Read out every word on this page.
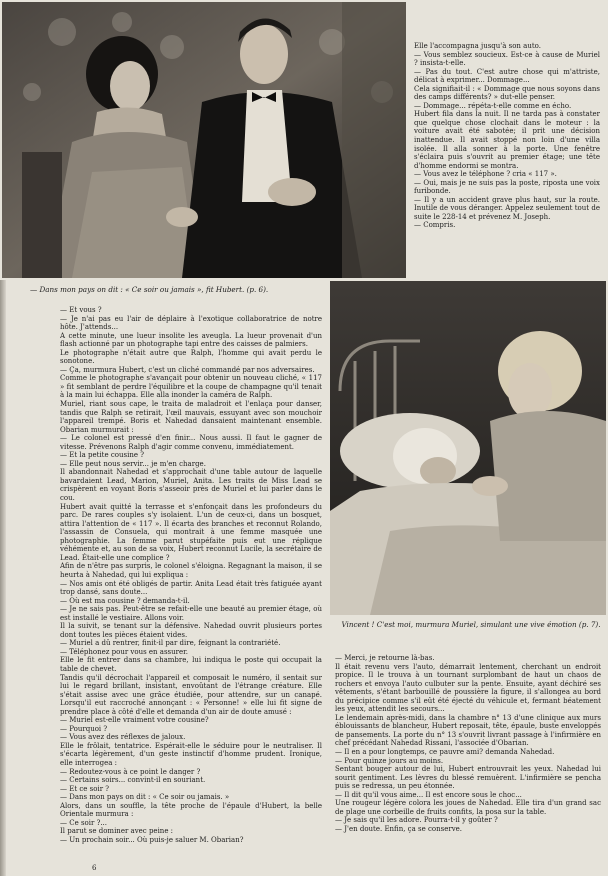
— Dans mon pays on dit : « Ce soir ou jamais », fit Hubert. (p. 6).

Elle l'accompagna jusqu'à son auto.

— Vous semblez soucieux. Est-ce à cause de Muriel ? insista-t-elle.

— Pas du tout. C'est autre chose qui m'attriste, délicat à exprimer... Dommage...

Cela signifiait-il : « Dommage que nous soyons dans des camps différents? » dut-elle penser.

— Dommage... répéta-t-elle comme en écho.

Hubert fila dans la nuit. Il ne tarda pas à constater que quelque chose clochait dans le moteur : la voiture avait été sabotée; il prit une décision inattendue. Il avait stoppé non loin d'une villa isolée. Il alla sonner à la porte. Une fenêtre s'éclaira puis s'ouvrit au premier étage; une tête d'homme endormi se montra.

— Vous avez le téléphone ? cria « 117 ».

— Oui, mais je ne suis pas la poste, riposta une voix furibonde.

— Il y a un accident grave plus haut, sur la route. Inutile de vous déranger. Appelez seulement tout de suite le 228-14 et prévenez M. Joseph.

— Compris.

Vincent ! C'est moi, murmura Muriel, simulant une vive émotion (p. 7).

— Et vous ?

— Je n'ai pas eu l'air de déplaire à l'exotique collaboratrice de notre hôte. J'attends...

A cette minute, une lueur insolite les aveugla. La lueur provenait d'un flash actionné par un photographe tapi entre des caisses de palmiers.

Le photographe n'était autre que Ralph, l'homme qui avait perdu le sonotone.

— Ça, murmura Hubert, c'est un cliché commandé par nos adversaires.

Comme le photographe s'avançait pour obtenir un nouveau cliché, « 117 » fit semblant de perdre l'équilibre et la coupe de champagne qu'il tenait à la main lui échappa. Elle alla inonder la caméra de Ralph.

Muriel, riant sous cape, le traita de maladroit et l'enlaça pour danser, tandis que Ralph se retirait, l'œil mauvais, essuyant avec son mouchoir l'appareil trempé. Boris et Nahedad dansaient maintenant ensemble. Obarian murmurait :

— Le colonel est pressé d'en finir... Nous aussi. Il faut le gagner de vitesse. Prévenons Ralph d'agir comme convenu, immédiatement.

— Et la petite cousine ?

— Elle peut nous servir... je m'en charge.

Il abandonnait Nahedad et s'approchait d'une table autour de laquelle bavardaient Lead, Marion, Muriel, Anita. Les traits de Miss Lead se crispèrent en voyant Boris s'asseoir près de Muriel et lui parler dans le cou.

Hubert avait quitté la terrasse et s'enfonçait dans les profondeurs du parc. De rares couples s'y isolaient. L'un de ceux-ci, dans un bosquet, attira l'attention de « 117 ». Il écarta des branches et reconnut Rolando, l'assassin de Consuela, qui montrait à une femme masquée une photographie. La femme parut stupéfaite puis eut une réplique véhémente et, au son de sa voix, Hubert reconnut Lucile, la secrétaire de Lead. Était-elle une complice ?

Afin de n'être pas surpris, le colonel s'éloigna. Regagnant la maison, il se heurta à Nahedad, qui lui expliqua :

— Nos amis ont été obligés de partir. Anita Lead était très fatiguée ayant trop dansé, sans doute...

— Où est ma cousine ? demanda-t-il.

— Je ne sais pas. Peut-être se refait-elle une beauté au premier étage, où est installé le vestiaire. Allons voir.

Il la suivit, se tenant sur la défensive. Nahedad ouvrit plusieurs portes dont toutes les pièces étaient vides.

— Muriel a dû rentrer, finit-il par dire, feignant la contrariété.

— Téléphonez pour vous en assurer.

Elle le fit entrer dans sa chambre, lui indiqua le poste qui occupait la table de chevet.

Tandis qu'il décrochait l'appareil et composait le numéro, il sentait sur lui le regard brillant, insistant, envoûtant de l'étrange créature. Elle s'était assise avec une grâce étudiée, pour attendre, sur un canapé. Lorsqu'il eut raccroché annonçant : « Personne! » elle lui fit signe de prendre place à côté d'elle et demanda d'un air de doute amusé :

— Muriel est-elle vraiment votre cousine?

— Pourquoi ?

— Vous avez des réflexes de jaloux.

Elle le frôlait, tentatrice. Espérait-elle le séduire pour le neutraliser. Il s'écarta légèrement, d'un geste instinctif d'homme prudent. Ironique, elle interrogea :

— Redoutez-vous à ce point le danger ?

— Certains soirs... convint-il en souriant.

— Et ce soir ?

— Dans mon pays on dit : « Ce soir ou jamais. »

Alors, dans un souffle, la tête proche de l'épaule d'Hubert, la belle Orientale murmura :

— Ce soir ?...

Il parut se dominer avec peine :

— Un prochain soir... Où puis-je saluer M. Obarian?

— Merci, je retourne là-bas.

Il était revenu vers l'auto, démarrait lentement, cherchant un endroit propice. Il le trouva à un tournant surplombant de haut un chaos de rochers et envoya l'auto culbuter sur la pente. Ensuite, ayant déchiré ses vêtements, s'étant barbouillé de poussière la figure, il s'allongea au bord du précipice comme s'il eût été éjecté du véhicule et, fermant béatement les yeux, attendit les secours...

Le lendemain après-midi, dans la chambre n° 13 d'une clinique aux murs éblouissants de blancheur, Hubert reposait, tête, épaule, buste enveloppés de pansements. La porte du n° 13 s'ouvrit livrant passage à l'infirmière en chef précédant Nahedad Rissani, l'associée d'Obarian.

— Il en a pour longtemps, ce pauvre ami? demanda Nahedad.

— Pour quinze jours au moins.

Sentant bouger autour de lui, Hubert entrouvrait les yeux. Nahedad lui sourit gentiment. Les lèvres du blessé remuèrent. L'infirmière se pencha puis se redressa, un peu étonnée.

— Il dit qu'il vous aime... Il est encore sous le choc...

Une rougeur légère colora les joues de Nahedad. Elle tira d'un grand sac de plage une corbeille de fruits confits, la posa sur la table.

— Je sais qu'il les adore. Pourra-t-il y goûter ?

— J'en doute. Enfin, ça se conserve.

6
